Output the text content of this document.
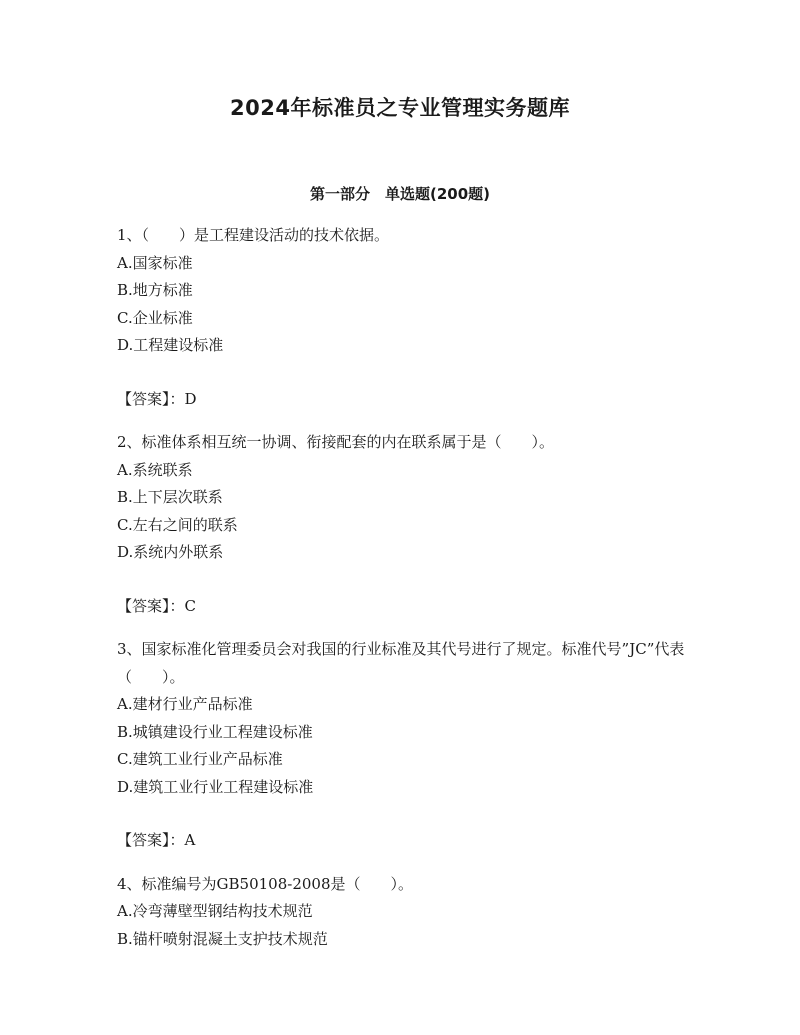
2024年标准员之专业管理实务题库
第一部分　单选题(200题)

1、（　　）是工程建设活动的技术依据。

A.国家标准
B.地方标准
C.企业标准
D.工程建设标准

【答案】：D

2、标准体系相互统一协调、衔接配套的内在联系属于是（　　）。

A.系统联系
B.上下层次联系
C.左右之间的联系
D.系统内外联系

【答案】：C

3、国家标准化管理委员会对我国的行业标准及其代号进行了规定。标准代号”JC”代表（　　）。

A.建材行业产品标准
B.城镇建设行业工程建设标准
C.建筑工业行业产品标准
D.建筑工业行业工程建设标准

【答案】：A

4、标准编号为GB50108-2008是（　　）。

A.冷弯薄壁型钢结构技术规范
B.锚杆喷射混凝土支护技术规范
